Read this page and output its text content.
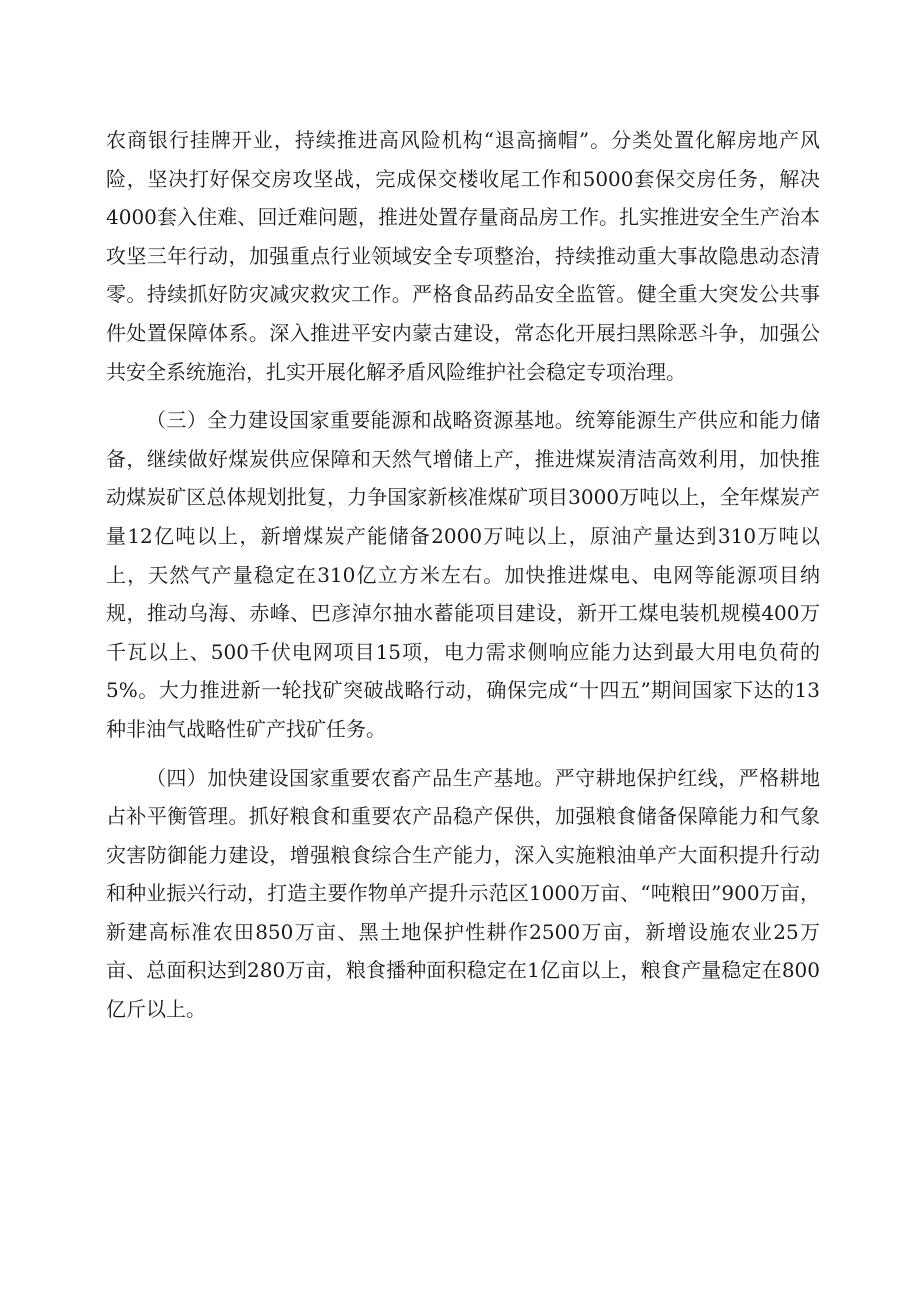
农商银行挂牌开业，持续推进高风险机构“退高摘帽”。分类处置化解房地产风险，坚决打好保交房攻坚战，完成保交楼收尾工作和5000套保交房任务，解决4000套入住难、回迁难问题，推进处置存量商品房工作。扎实推进安全生产治本攻坚三年行动，加强重点行业领域安全专项整治，持续推动重大事故隐患动态清零。持续抓好防灾减灾救灾工作。严格食品药品安全监管。健全重大突发公共事件处置保障体系。深入推进平安内蒙古建设，常态化开展扫黑除恶斗争，加强公共安全系统施治，扎实开展化解矛盾风险维护社会稳定专项治理。

（三）全力建设国家重要能源和战略资源基地。统筹能源生产供应和能力储备，继续做好煤炭供应保障和天然气增储上产，推进煤炭清洁高效利用，加快推动煤炭矿区总体规划批复，力争国家新核准煤矿项目3000万吨以上，全年煤炭产量12亿吨以上，新增煤炭产能储备2000万吨以上，原油产量达到310万吨以上，天然气产量稳定在310亿立方米左右。加快推进煤电、电网等能源项目纳规，推动乌海、赤峰、巴彦淖尔抽水蓄能项目建设，新开工煤电装机规模400万千瓦以上、500千伏电网项目15项，电力需求侧响应能力达到最大用电负荷的5%。大力推进新一轮找矿突破战略行动，确保完成“十四五”期间国家下达的13种非油气战略性矿产找矿任务。

（四）加快建设国家重要农畜产品生产基地。严守耕地保护红线，严格耕地占补平衡管理。抓好粮食和重要农产品稳产保供，加强粮食储备保障能力和气象灾害防御能力建设，增强粮食综合生产能力，深入实施粮油单产大面积提升行动和种业振兴行动，打造主要作物单产提升示范区1000万亩、“吨粮田”900万亩，新建高标准农田850万亩、黑土地保护性耕作2500万亩，新增设施农业25万亩、总面积达到280万亩，粮食播种面积稳定在1亿亩以上，粮食产量稳定在800亿斤以上。
